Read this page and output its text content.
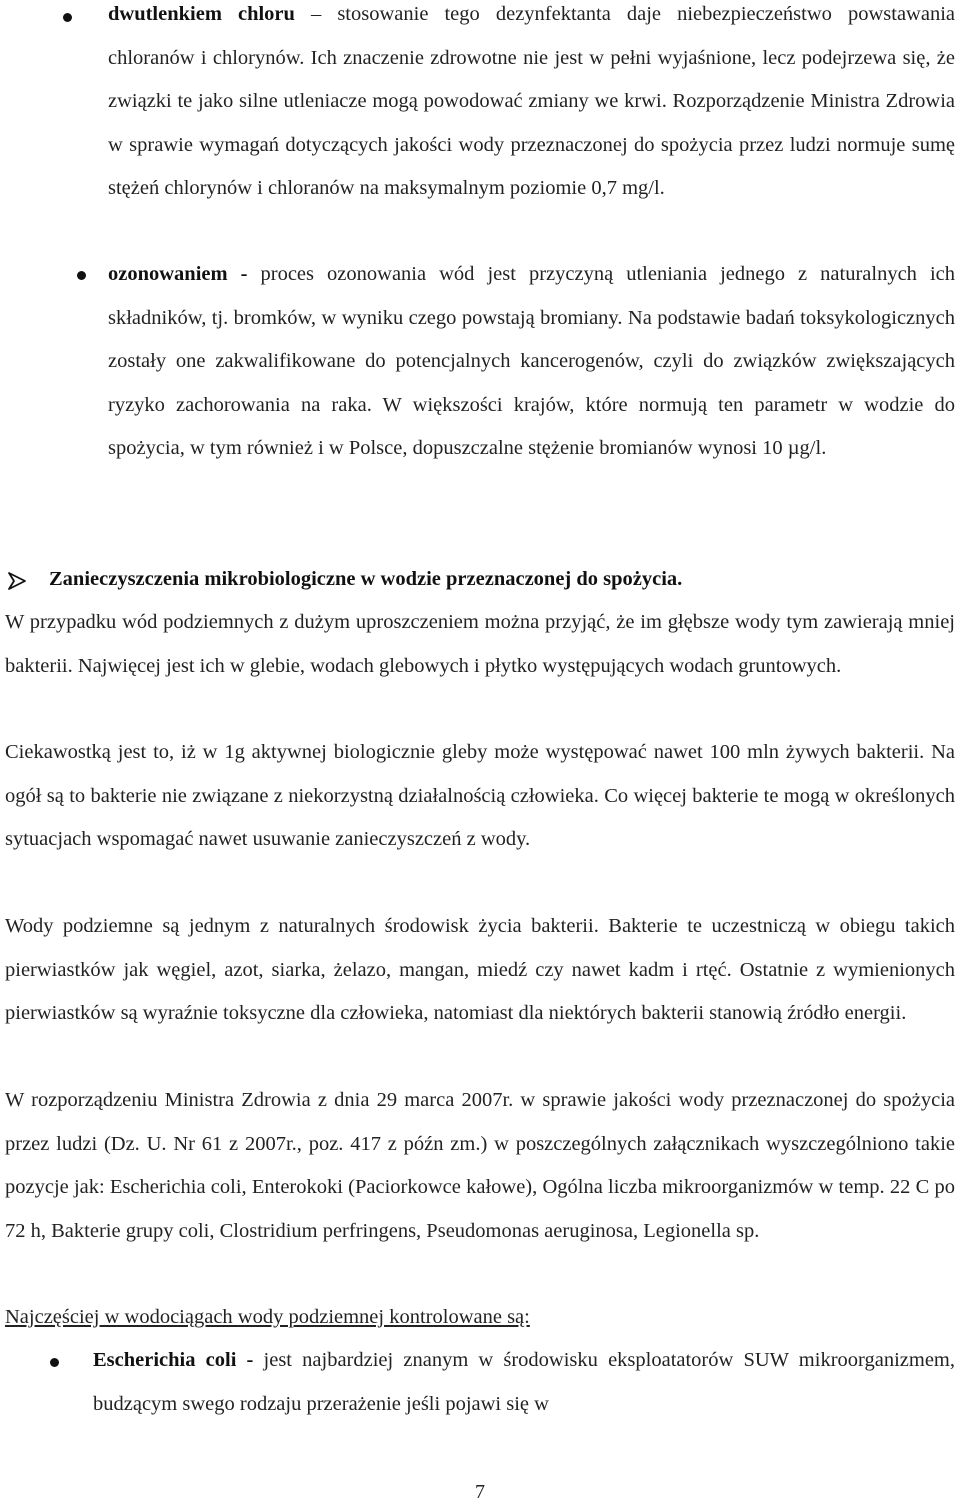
dwutlenkiem chloru – stosowanie tego dezynfektanta daje niebezpieczeństwo powstawania chloranów i chlorynów. Ich znaczenie zdrowotne nie jest w pełni wyjaśnione, lecz podejrzewa się, że związki te jako silne utleniacze mogą powodować zmiany we krwi. Rozporządzenie Ministra Zdrowia w sprawie wymagań dotyczących jakości wody przeznaczonej do spożycia przez ludzi normuje sumę stężeń chlorynów i chloranów na maksymalnym poziomie 0,7 mg/l.
ozonowaniem - proces ozonowania wód jest przyczyną utleniania jednego z naturalnych ich składników, tj. bromków, w wyniku czego powstają bromiany. Na podstawie badań toksykologicznych zostały one zakwalifikowane do potencjalnych kancerogenów, czyli do związków zwiększających ryzyko zachorowania na raka. W większości krajów, które normują ten parametr w wodzie do spożycia, w tym również i w Polsce, dopuszczalne stężenie bromianów wynosi 10 µg/l.
Zanieczyszczenia mikrobiologiczne w wodzie przeznaczonej do spożycia.
W przypadku wód podziemnych z dużym uproszczeniem można przyjąć, że im głębsze wody tym zawierają mniej bakterii. Najwięcej jest ich w glebie, wodach glebowych i płytko występujących wodach gruntowych.
Ciekawostką jest to, iż w 1g aktywnej biologicznie gleby może występować nawet 100 mln żywych bakterii. Na ogół są to bakterie nie związane z niekorzystną działalnością człowieka. Co więcej bakterie te mogą w określonych sytuacjach wspomagać nawet usuwanie zanieczyszczeń z wody.
Wody podziemne są jednym z naturalnych środowisk życia bakterii. Bakterie te uczestniczą w obiegu takich pierwiastków jak węgiel, azot, siarka, żelazo, mangan, miedź czy nawet kadm i rtęć. Ostatnie z wymienionych pierwiastków są wyraźnie toksyczne dla człowieka, natomiast dla niektórych bakterii stanowią źródło energii.
W rozporządzeniu Ministra Zdrowia z dnia 29 marca 2007r. w sprawie jakości wody przeznaczonej do spożycia przez ludzi (Dz. U. Nr 61 z 2007r., poz. 417 z późn zm.) w poszczególnych załącznikach wyszczególniono takie pozycje jak: Escherichia coli, Enterokoki (Paciorkowce kałowe), Ogólna liczba mikroorganizmów w temp. 22 C po 72 h, Bakterie grupy coli, Clostridium perfringens, Pseudomonas aeruginosa, Legionella sp.
Najczęściej w wodociągach wody podziemnej kontrolowane są:
Escherichia coli - jest najbardziej znanym w środowisku eksploatatorów SUW mikroorganizmem, budzącym swego rodzaju przerażenie jeśli pojawi się w
7
